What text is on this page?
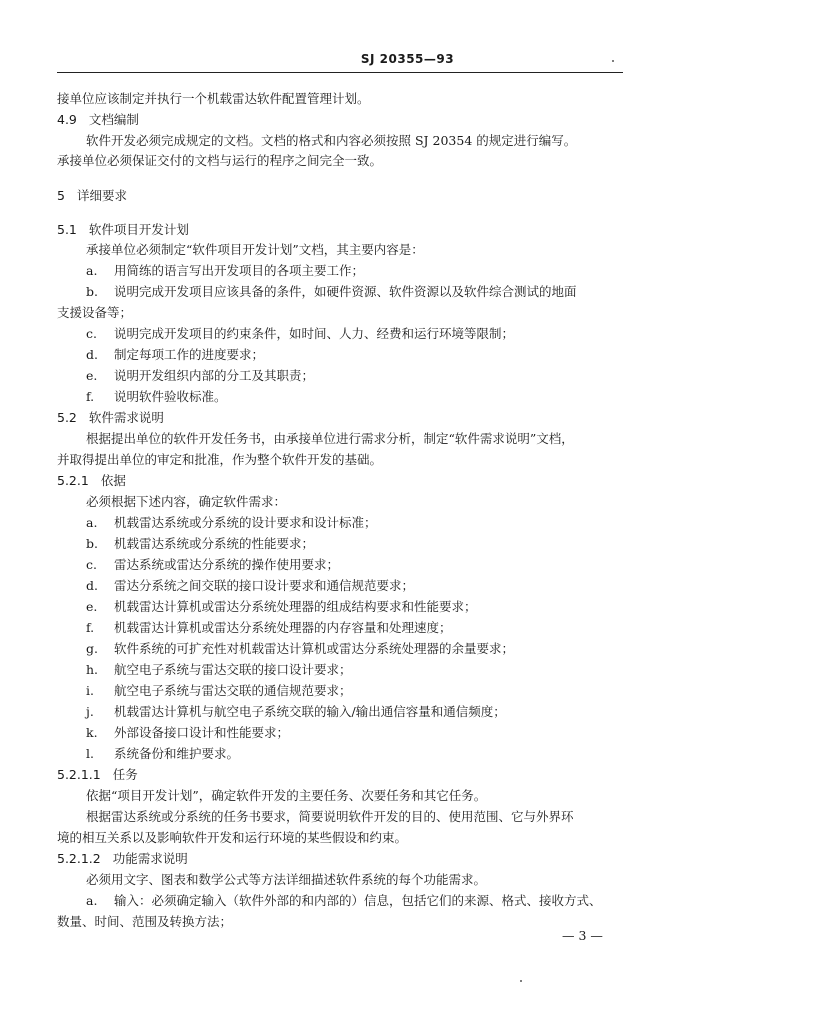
SJ 20355—93
接单位应该制定并执行一个机载雷达软件配置管理计划。
4.9 文档编制
软件开发必须完成规定的文档。文档的格式和内容必须按照 SJ 20354 的规定进行编写。
承接单位必须保证交付的文档与运行的程序之间完全一致。
5 详细要求
5.1 软件项目开发计划
承接单位必须制定“软件项目开发计划”文档，其主要内容是：
a. 用简练的语言写出开发项目的各项主要工作；
b. 说明完成开发项目应该具备的条件，如硬件资源、软件资源以及软件综合测试的地面
支援设备等；
c. 说明完成开发项目的约束条件，如时间、人力、经费和运行环境等限制；
d. 制定每项工作的进度要求；
e. 说明开发组织内部的分工及其职责；
f. 说明软件验收标准。
5.2 软件需求说明
根据提出单位的软件开发任务书，由承接单位进行需求分析，制定“软件需求说明”文档，
并取得提出单位的审定和批准，作为整个软件开发的基础。
5.2.1 依据
必须根据下述内容，确定软件需求：
a. 机载雷达系统或分系统的设计要求和设计标准；
b. 机载雷达系统或分系统的性能要求；
c. 雷达系统或雷达分系统的操作使用要求；
d. 雷达分系统之间交联的接口设计要求和通信规范要求；
e. 机载雷达计算机或雷达分系统处理器的组成结构要求和性能要求；
f. 机载雷达计算机或雷达分系统处理器的内存容量和处理速度；
g. 软件系统的可扩充性对机载雷达计算机或雷达分系统处理器的余量要求；
h. 航空电子系统与雷达交联的接口设计要求；
i. 航空电子系统与雷达交联的通信规范要求；
j. 机载雷达计算机与航空电子系统交联的输入/输出通信容量和通信频度；
k. 外部设备接口设计和性能要求；
l. 系统备份和维护要求。
5.2.1.1 任务
依据“项目开发计划”，确定软件开发的主要任务、次要任务和其它任务。
根据雷达系统或分系统的任务书要求，简要说明软件开发的目的、使用范围、它与外界环
境的相互关系以及影响软件开发和运行环境的某些假设和约束。
5.2.1.2 功能需求说明
必须用文字、图表和数学公式等方法详细描述软件系统的每个功能需求。
a. 输入：必须确定输入（软件外部的和内部的）信息，包括它们的来源、格式、接收方式、
数量、时间、范围及转换方法；
— 3 —
